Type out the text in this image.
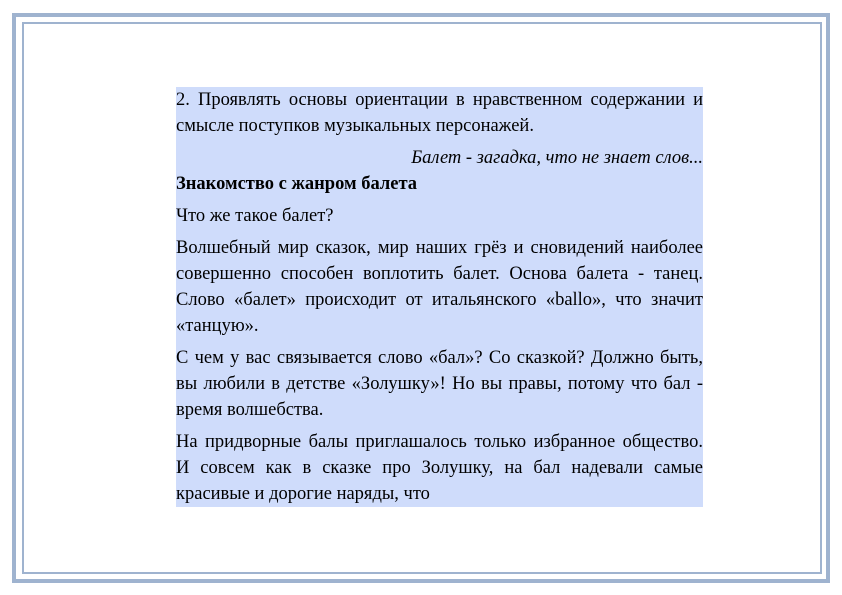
2. Проявлять основы ориентации в нравственном содержании и смысле поступков музыкальных персонажей.

Балет - загадка, что не знает слов...

Знакомство с жанром балета

Что же такое балет?

Волшебный мир сказок, мир наших грёз и сновидений наиболее совершенно способен воплотить балет. Основа балета - танец. Слово «балет» происходит от итальянского «ballo», что значит «танцую».

С чем у вас связывается слово «бал»? Со сказкой? Должно быть, вы любили в детстве «Золушку»! Но вы правы, потому что бал - время волшебства.

На придворные балы приглашалось только избранное общество. И совсем как в сказке про Золушку, на бал надевали самые красивые и дорогие наряды, что
